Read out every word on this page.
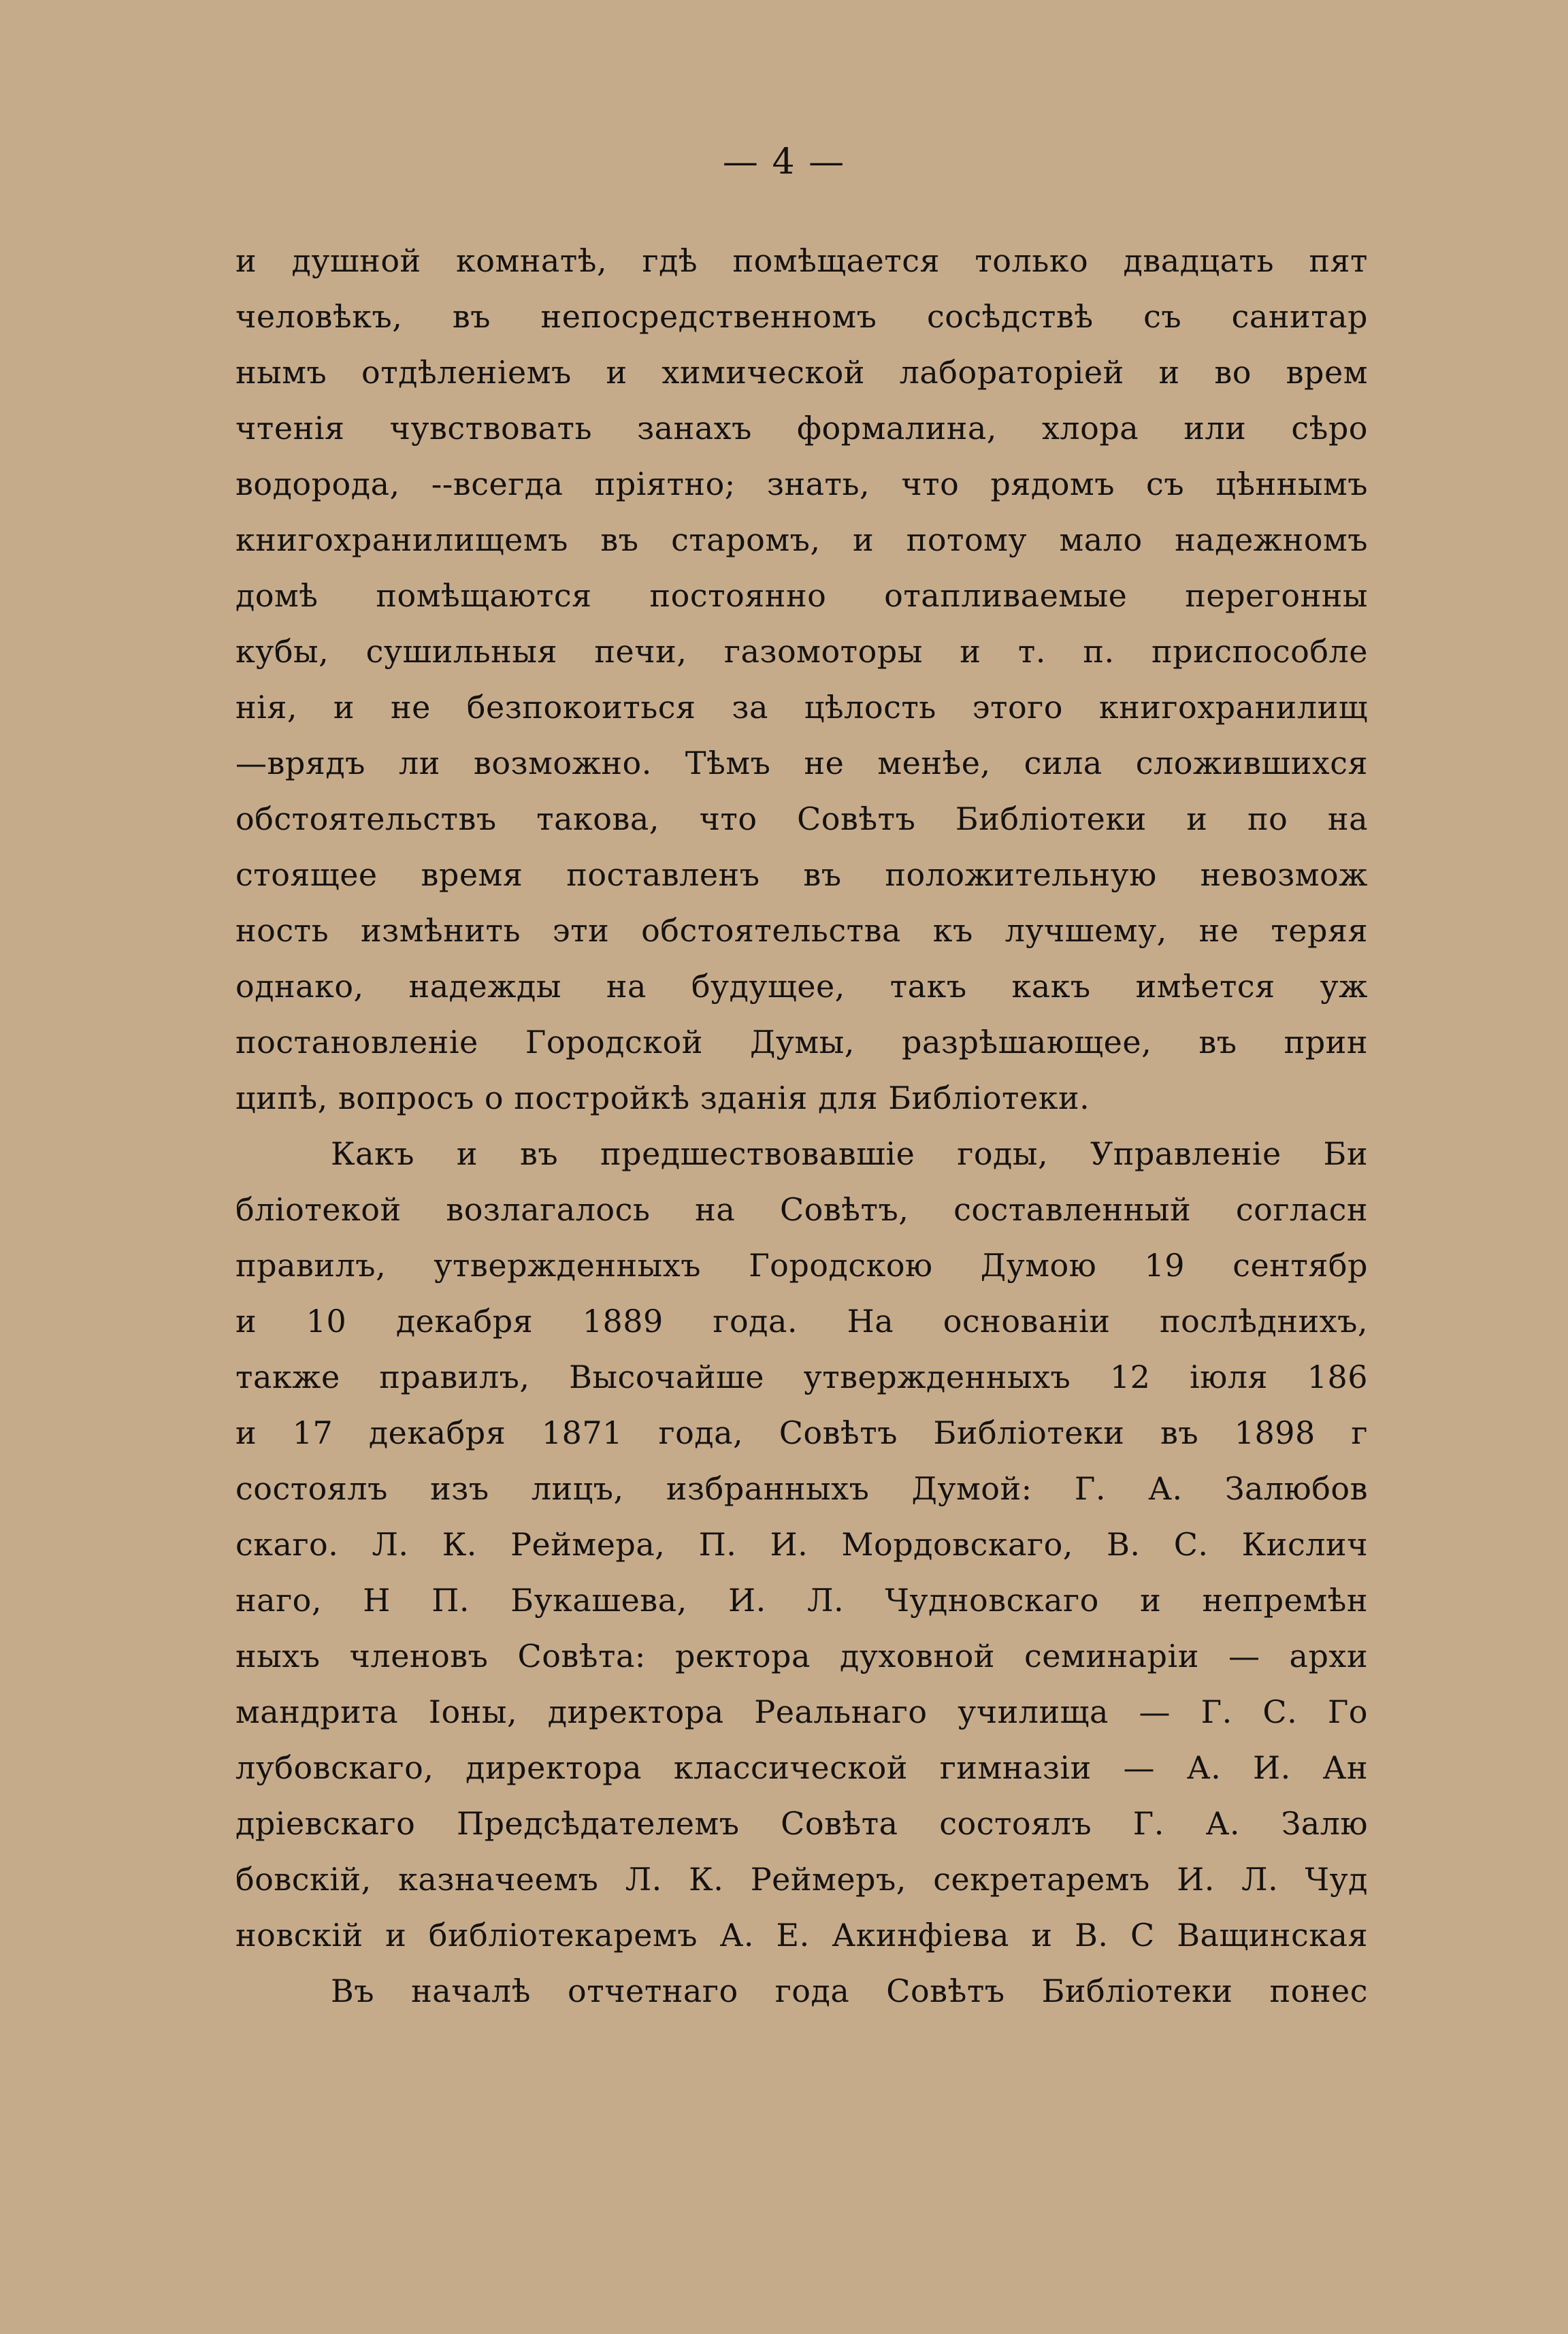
— 4 —
и душной комнатѣ, гдѣ помѣщается только двадцать пят
человѣкъ, въ непосредственномъ сосѣдствѣ съ санитар
нымъ отдѣленіемъ и химической лабораторіей и во врем
чтенія чувствовать занахъ формалина, хлора или сѣро
водорода, --всегда пріятно; знать, что рядомъ съ цѣннымъ
книгохранилищемъ въ старомъ, и потому мало надежномъ
домѣ помѣщаются постоянно отапливаемые перегонны
кубы, сушильныя печи, газомоторы и т. п. приспособле
нія, и не безпокоиться за цѣлость этого книгохранилищ
—врядъ ли возможно. Тѣмъ не менѣе, сила сложившихся
обстоятельствъ такова, что Совѣтъ Библіотеки и по на
стоящее время поставленъ въ положительную невозмож
ность измѣнить эти обстоятельства къ лучшему, не теряя
однако, надежды на будущее, такъ какъ имѣется уж
постановленіе Городской Думы, разрѣшающее, въ прин
ципѣ, вопросъ о постройкѣ зданія для Библіотеки.
Какъ и въ предшествовавшіе годы, Управленіе Би
бліотекой возлагалось на Совѣтъ, составленный согласн
правилъ, утвержденныхъ Городскою Думою 19 сентябр
и 10 декабря 1889 года. На основаніи послѣднихъ,
также правилъ, Высочайше утвержденныхъ 12 іюля 186
и 17 декабря 1871 года, Совѣтъ Библіотеки въ 1898 г
состоялъ изъ лицъ, избранныхъ Думой: Г. А. Залюбов
скаго. Л. К. Реймера, П. И. Мордовскаго, В. С. Кислич
наго, Н П. Букашева, И. Л. Чудновскаго и непремѣн
ныхъ членовъ Совѣта: ректора духовной семинаріи — архи
мандрита Іоны, директора Реальнаго училища — Г. С. Го
лубовскаго, директора классической гимназіи — А. И. Ан
дріевскаго Предсѣдателемъ Совѣта состоялъ Г. А. Залю
бовскій, казначеемъ Л. К. Реймеръ, секретаремъ И. Л. Чуд
новскій и библіотекаремъ А. Е. Акинфіева и В. С Ващинская
Въ началѣ отчетнаго года Совѣтъ Библіотеки понес
